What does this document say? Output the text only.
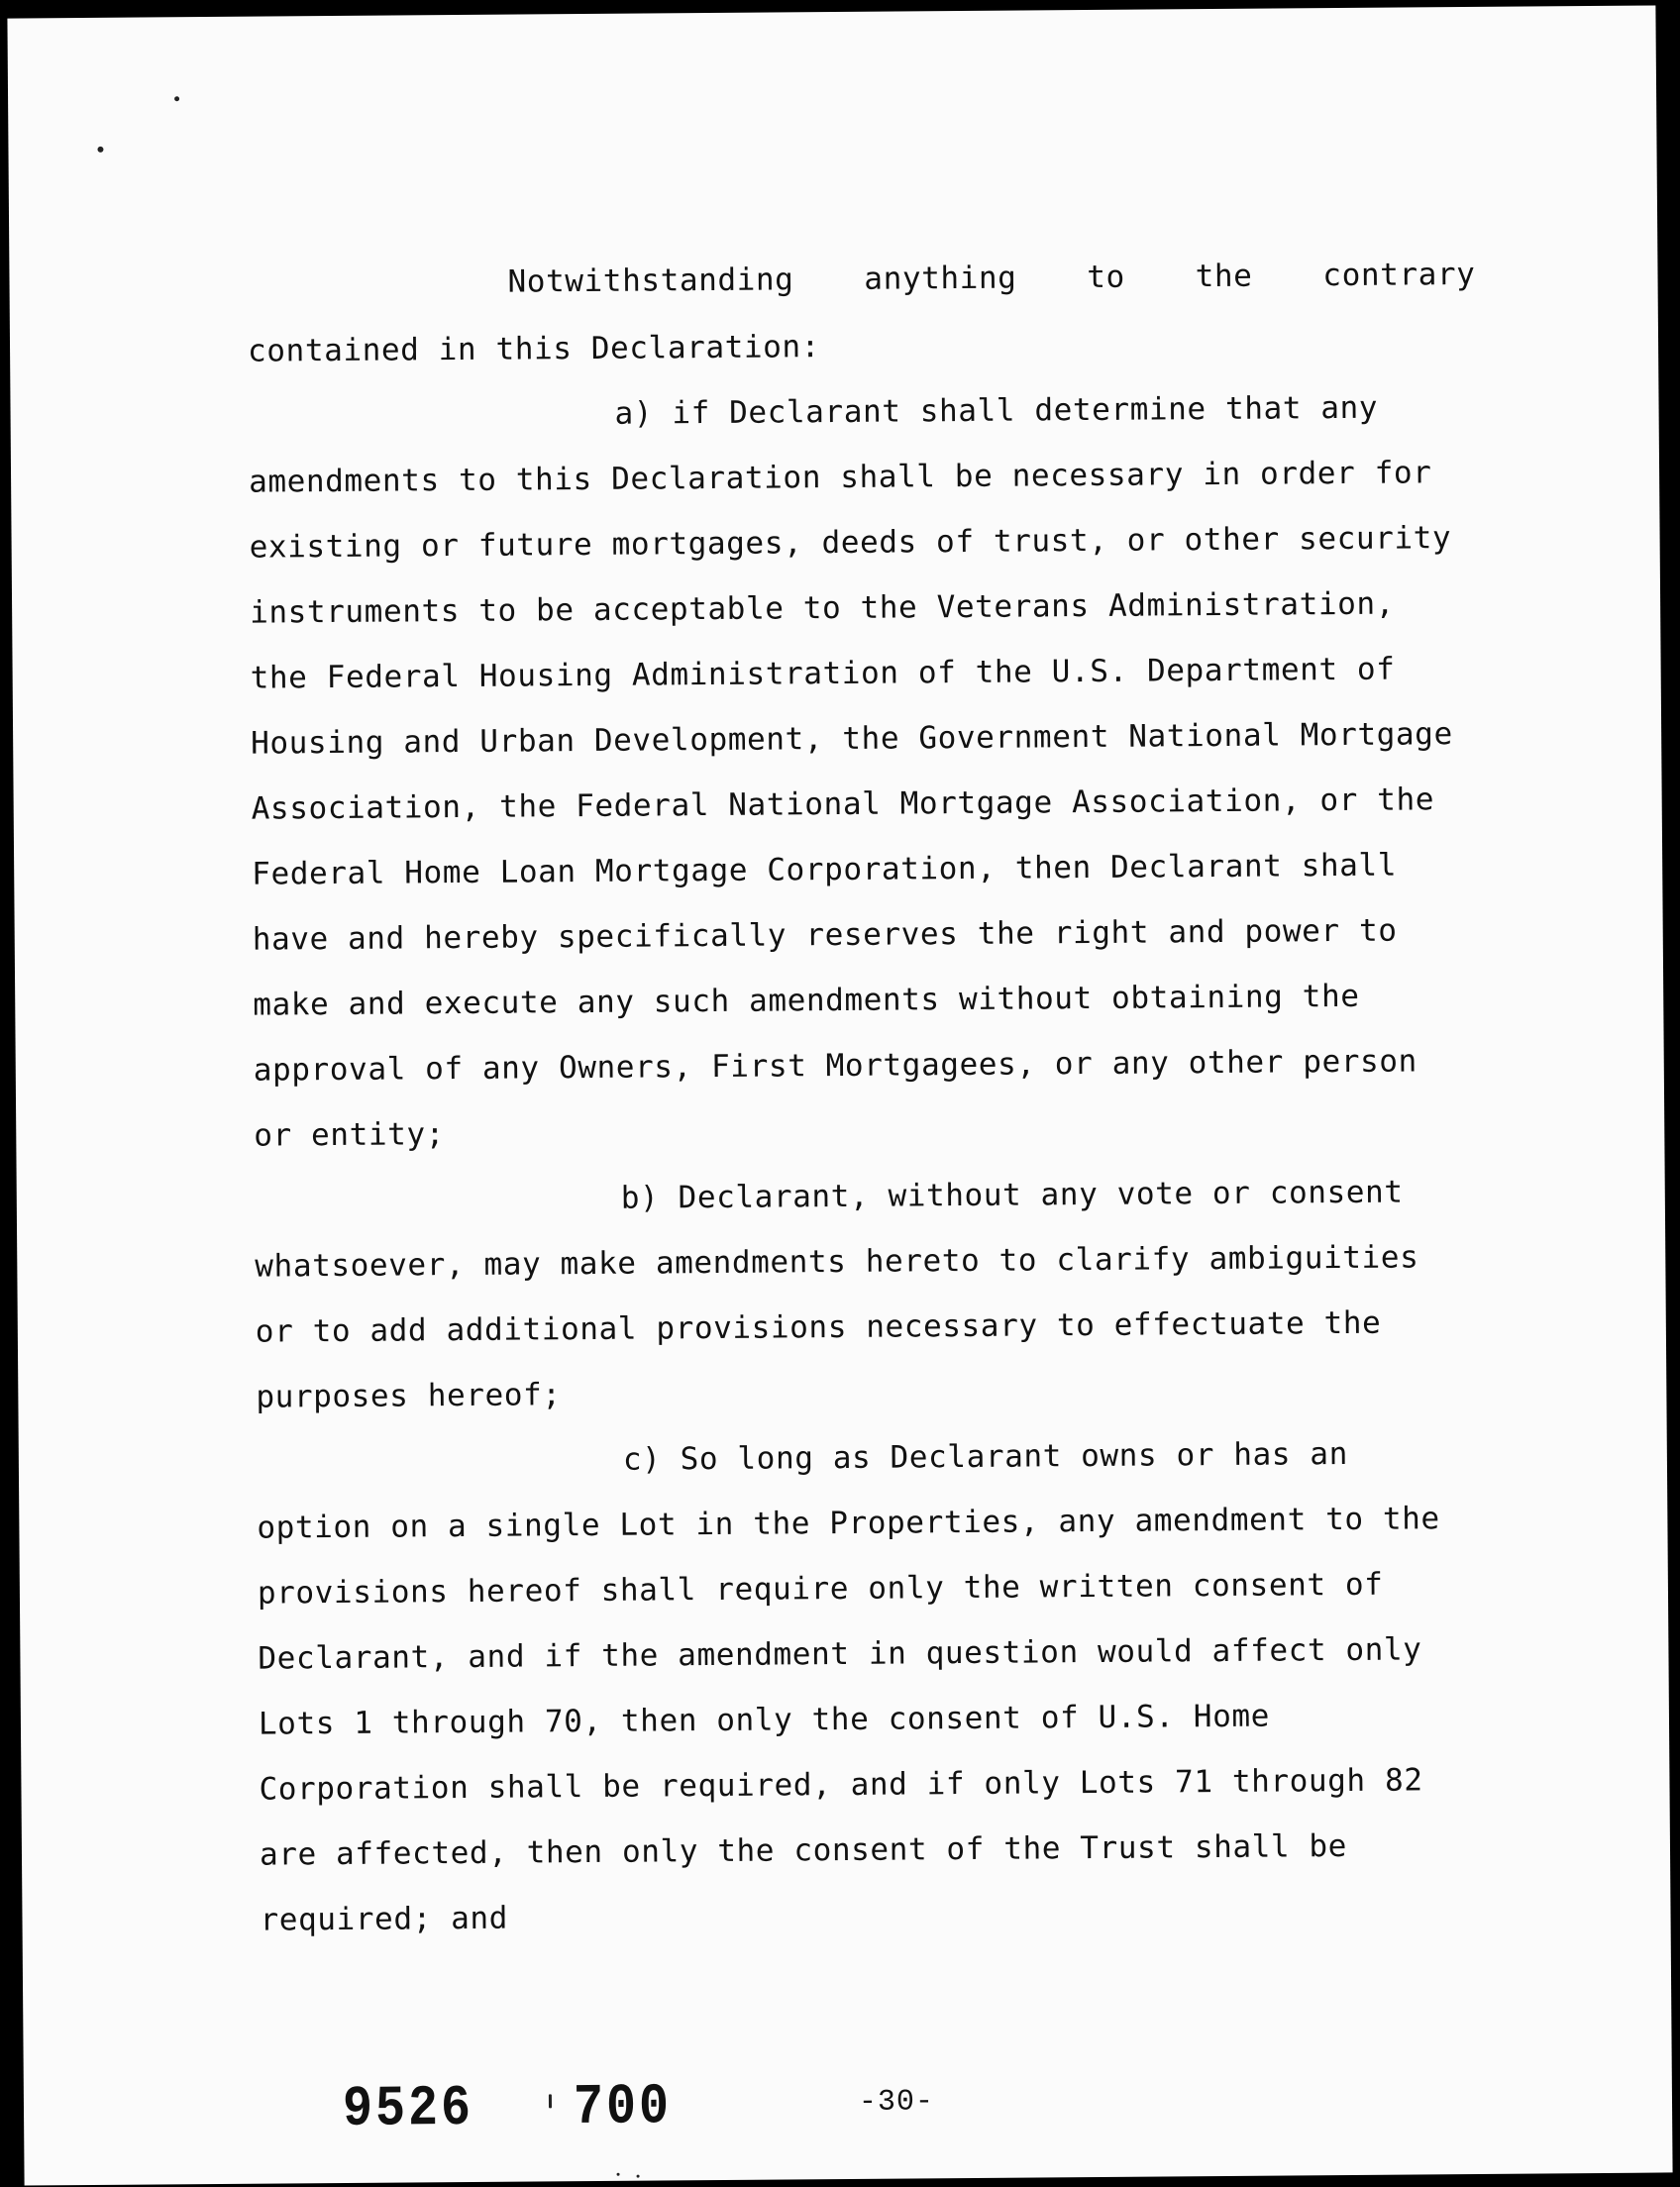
Notwithstanding anything to the contrary
contained in this Declaration:
a) if Declarant shall determine that any
amendments to this Declaration shall be necessary in order for
existing or future mortgages, deeds of trust, or other security
instruments to be acceptable to the Veterans Administration,
the Federal Housing Administration of the U.S. Department of
Housing and Urban Development, the Government National Mortgage
Association, the Federal National Mortgage Association, or the
Federal Home Loan Mortgage Corporation, then Declarant shall
have and hereby specifically reserves the right and power to
make and execute any such amendments without obtaining the
approval of any Owners, First Mortgagees, or any other person
or entity;
b) Declarant, without any vote or consent
whatsoever, may make amendments hereto to clarify ambiguities
or to add additional provisions necessary to effectuate the
purposes hereof;
c) So long as Declarant owns or has an
option on a single Lot in the Properties, any amendment to the
provisions hereof shall require only the written consent of
Declarant, and if the amendment in question would affect only
Lots 1 through 70, then only the consent of U.S. Home
Corporation shall be required, and if only Lots 71 through 82
are affected, then only the consent of the Trust shall be
required; and
9526 700	-30-
